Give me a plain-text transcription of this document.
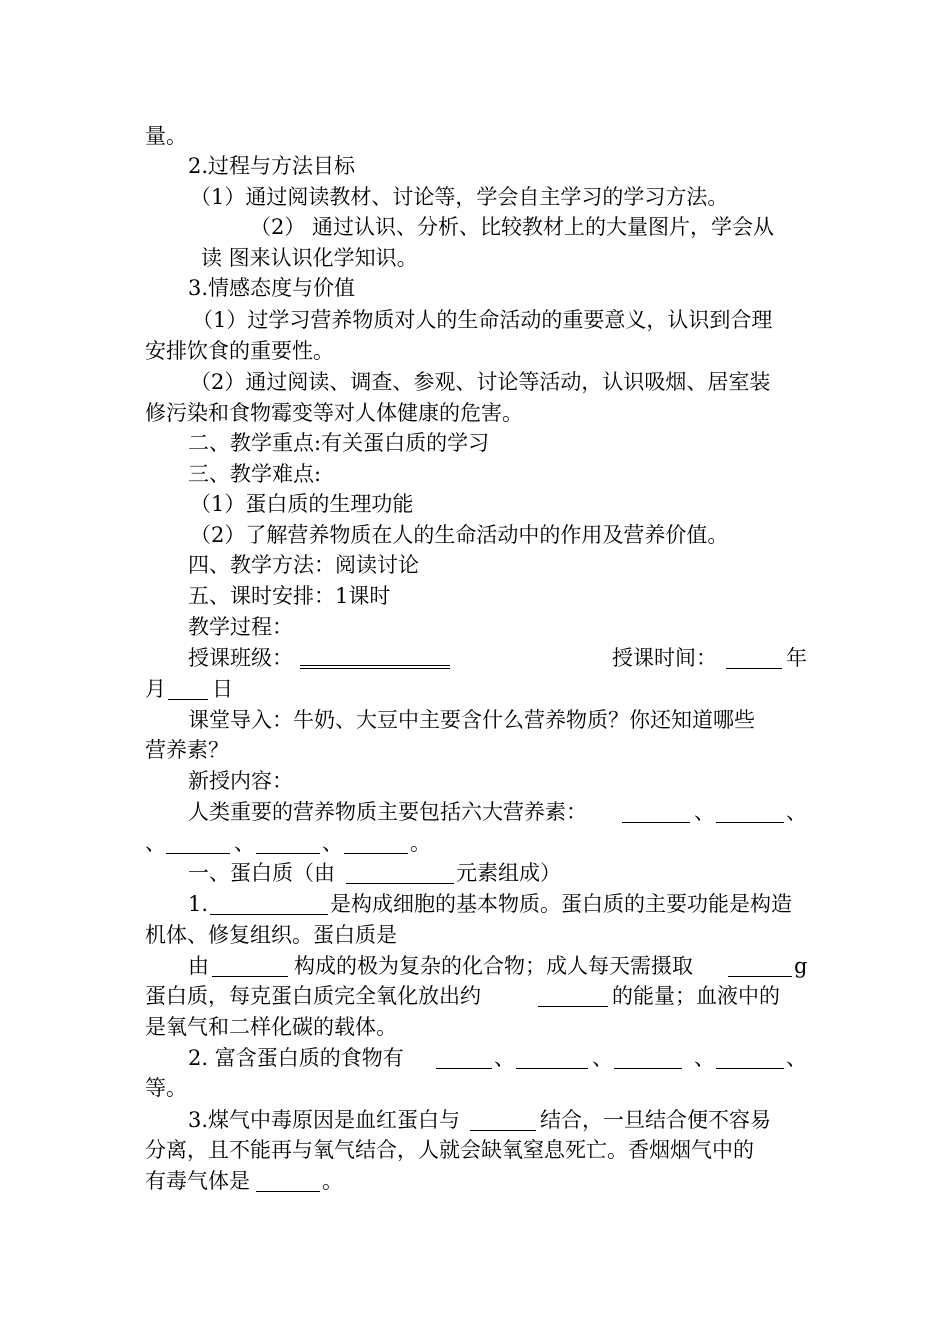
量。

2.过程与方法目标

（1）通过阅读教材、讨论等，学会自主学习的学习方法。

（2） 通过认识、分析、比较教材上的大量图片，学会从

读 图来认识化学知识。

3.情感态度与价值

（1）过学习营养物质对人的生命活动的重要意义，认识到合理

安排饮食的重要性。

（2）通过阅读、调查、参观、讨论等活动，认识吸烟、居室装

修污染和食物霉变等对人体健康的危害。

二、教学重点:有关蛋白质的学习

三、教学难点:

（1）蛋白质的生理功能

（2）了解营养物质在人的生命活动中的作用及营养价值。

四、教学方法：阅读讨论

五、课时安排：1课时

教学过程：

授课班级：	授课时间：	年

月 日

课堂导入：牛奶、大豆中主要含什么营养物质？你还知道哪些

营养素？

新授内容：

人类重要的营养物质主要包括六大营养素：	、	、

、	、	、	。

一、蛋白质（由	元素组成）

1.	是构成细胞的基本物质。蛋白质的主要功能是构造

机体、修复组织。蛋白质是

由	构成的极为复杂的化合物；成人每天需摄取	g

蛋白质，每克蛋白质完全氧化放出约	的能量；血液中的

是氧气和二样化碳的载体。

2. 富含蛋白质的食物有	、	、	、	、

等。

3.煤气中毒原因是血红蛋白与	结合，一旦结合便不容易

分离，且不能再与氧气结合，人就会缺氧窒息死亡。香烟烟气中的

有毒气体是	。
